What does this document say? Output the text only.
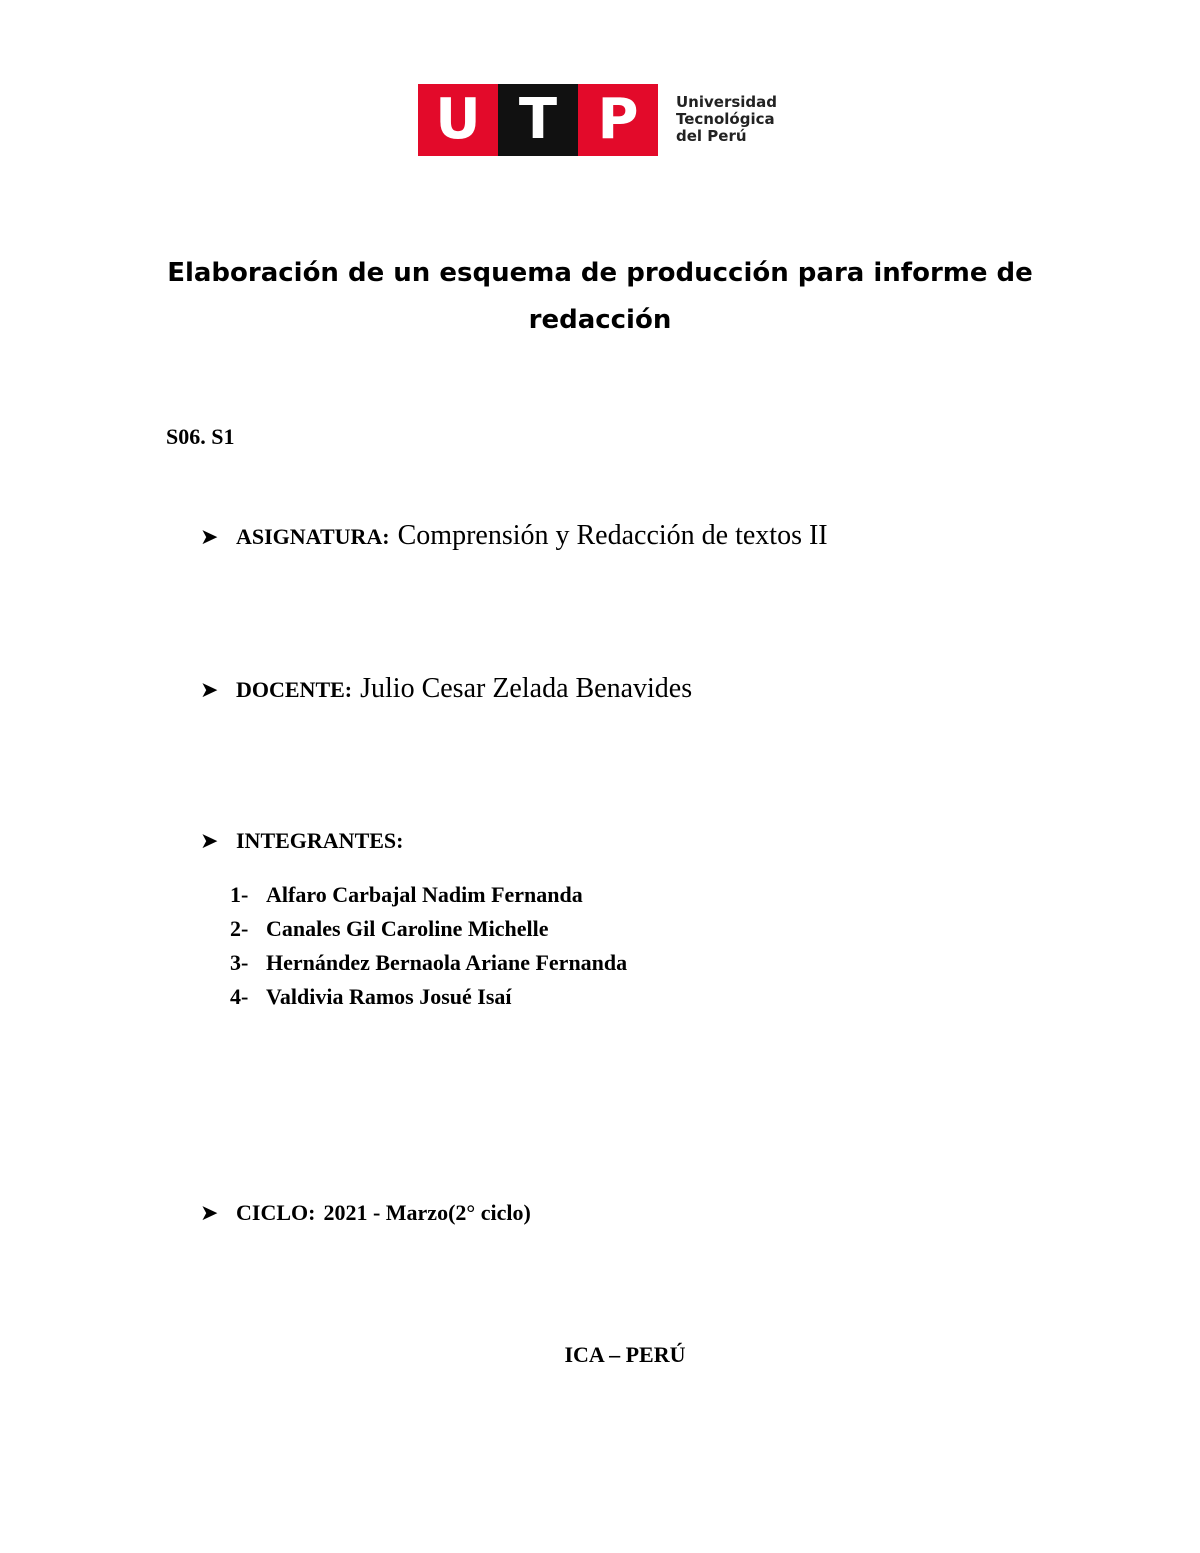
U T P	Universidad
Tecnológica
del Perú
Elaboración de un esquema de producción para informe de redacción
S06. S1
➤ ASIGNATURA: Comprensión y Redacción de textos II
➤ DOCENTE: Julio Cesar Zelada Benavides
➤ INTEGRANTES:
1- Alfaro Carbajal Nadim Fernanda
2- Canales Gil Caroline Michelle
3- Hernández Bernaola Ariane Fernanda
4- Valdivia Ramos Josué Isaí
➤ CICLO: 2021 - Marzo(2° ciclo)
ICA – PERÚ
